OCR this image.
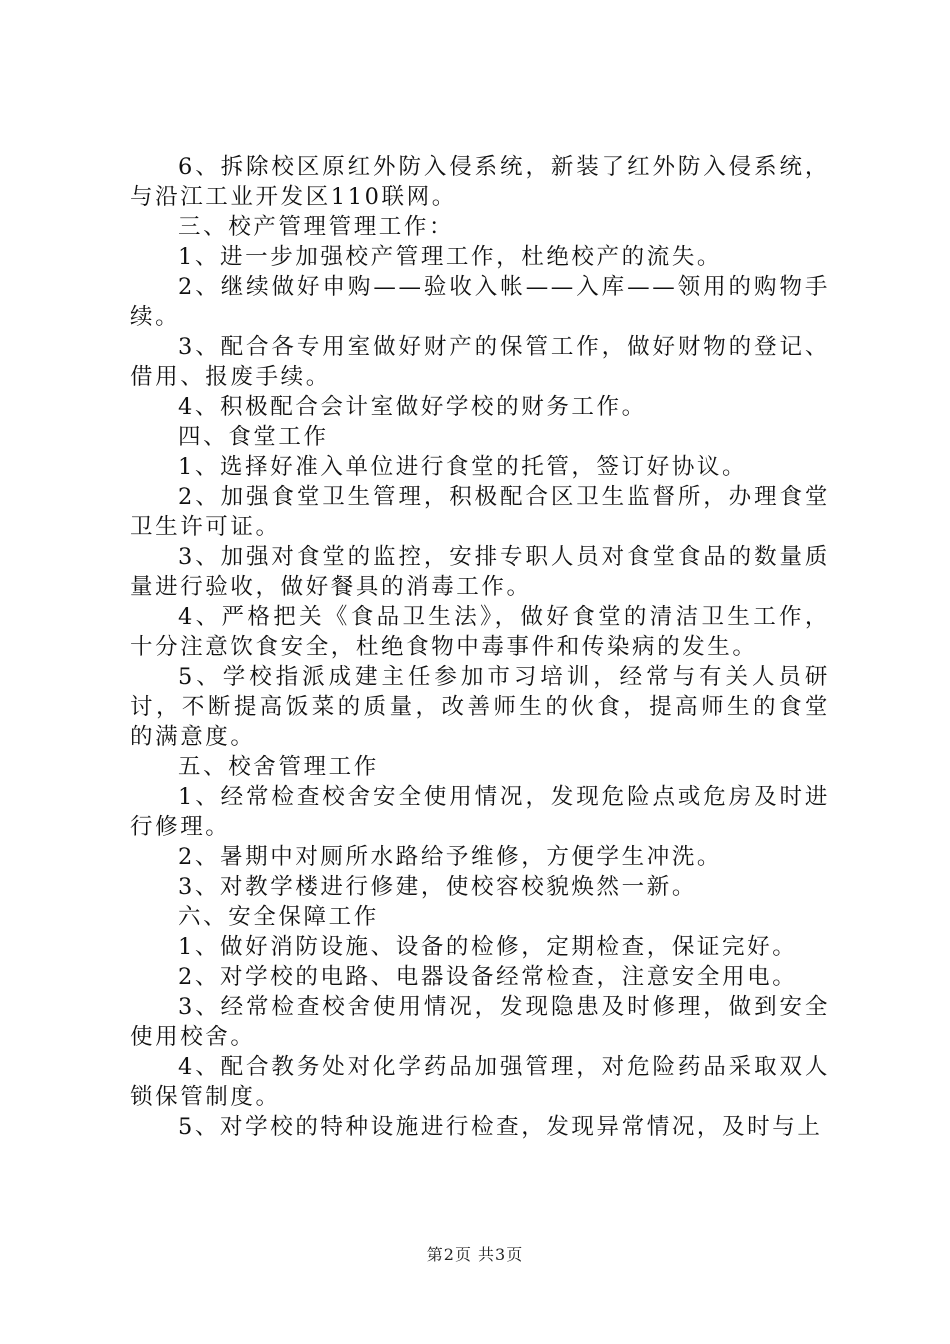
6、拆除校区原红外防入侵系统，新装了红外防入侵系统，与沿江工业开发区110联网。

三、校产管理管理工作：

1、进一步加强校产管理工作，杜绝校产的流失。

2、继续做好申购——验收入帐——入库——领用的购物手续。

3、配合各专用室做好财产的保管工作，做好财物的登记、借用、报废手续。

4、积极配合会计室做好学校的财务工作。

四、食堂工作

1、选择好准入单位进行食堂的托管，签订好协议。

2、加强食堂卫生管理，积极配合区卫生监督所，办理食堂卫生许可证。

3、加强对食堂的监控，安排专职人员对食堂食品的数量质量进行验收，做好餐具的消毒工作。

4、严格把关《食品卫生法》，做好食堂的清洁卫生工作，十分注意饮食安全，杜绝食物中毒事件和传染病的发生。

5、学校指派成建主任参加市习培训，经常与有关人员研讨，不断提高饭菜的质量，改善师生的伙食，提高师生的食堂的满意度。

五、校舍管理工作

1、经常检查校舍安全使用情况，发现危险点或危房及时进行修理。

2、暑期中对厕所水路给予维修，方便学生冲洗。

3、对教学楼进行修建，使校容校貌焕然一新。

六、安全保障工作

1、做好消防设施、设备的检修，定期检查，保证完好。

2、对学校的电路、电器设备经常检查，注意安全用电。

3、经常检查校舍使用情况，发现隐患及时修理，做到安全使用校舍。

4、配合教务处对化学药品加强管理，对危险药品采取双人锁保管制度。

5、对学校的特种设施进行检查，发现异常情况，及时与上

第2页 共3页
